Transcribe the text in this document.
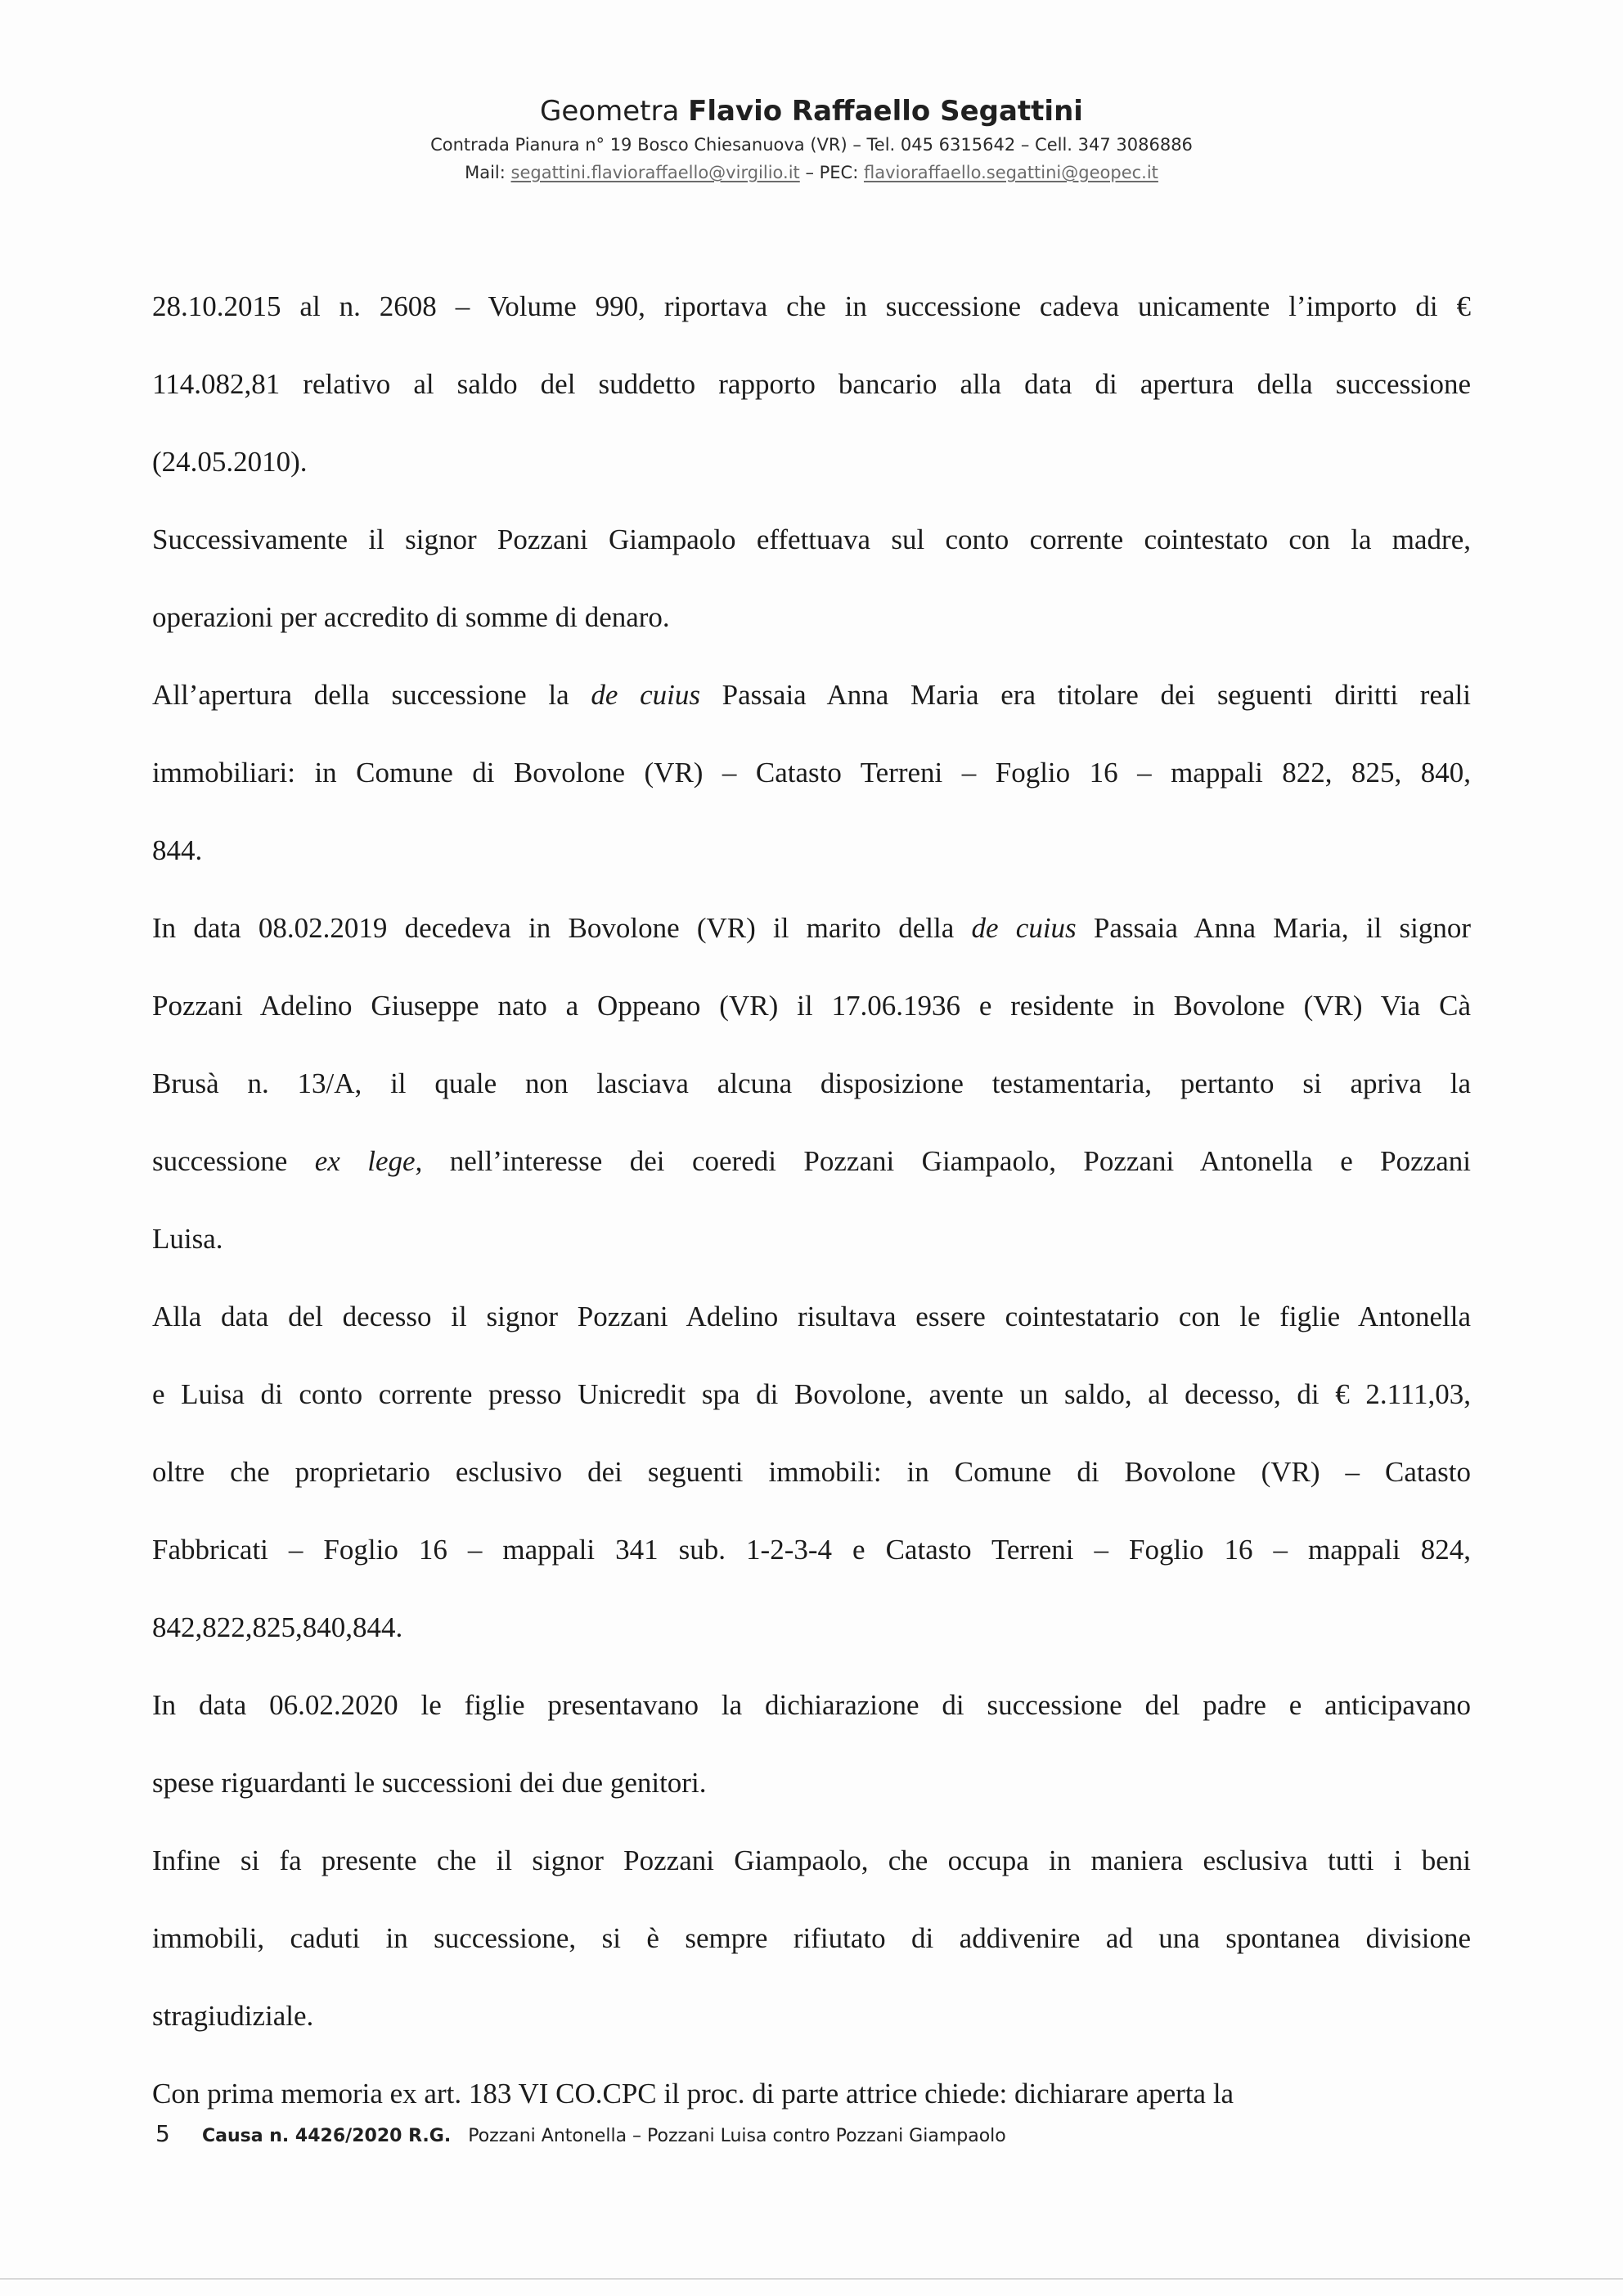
Geometra Flavio Raffaello Segattini
Contrada Pianura n° 19 Bosco Chiesanuova (VR) – Tel. 045 6315642 – Cell. 347 3086886
Mail: segattini.flavioraffaello@virgilio.it – PEC: flavioraffaello.segattini@geopec.it
28.10.2015 al n. 2608 – Volume 990, riportava che in successione cadeva unicamente l’importo di €
114.082,81 relativo al saldo del suddetto rapporto bancario alla data di apertura della successione
(24.05.2010).
Successivamente il signor Pozzani Giampaolo effettuava sul conto corrente cointestato con la madre,
operazioni per accredito di somme di denaro.
All’apertura della successione la de cuius Passaia Anna Maria era titolare dei seguenti diritti reali
immobiliari: in Comune di Bovolone (VR) – Catasto Terreni – Foglio 16 – mappali 822, 825, 840,
844.
In data 08.02.2019 decedeva in Bovolone (VR) il marito della de cuius Passaia Anna Maria, il signor
Pozzani Adelino Giuseppe nato a Oppeano (VR) il 17.06.1936 e residente in Bovolone (VR) Via Cà
Brusà n. 13/A, il quale non lasciava alcuna disposizione testamentaria, pertanto si apriva la
successione ex lege, nell’interesse dei coeredi Pozzani Giampaolo, Pozzani Antonella e Pozzani
Luisa.
Alla data del decesso il signor Pozzani Adelino risultava essere cointestatario con le figlie Antonella
e Luisa di conto corrente presso Unicredit spa di Bovolone, avente un saldo, al decesso, di € 2.111,03,
oltre che proprietario esclusivo dei seguenti immobili: in Comune di Bovolone (VR) – Catasto
Fabbricati – Foglio 16 – mappali 341 sub. 1-2-3-4 e Catasto Terreni – Foglio 16 – mappali 824,
842,822,825,840,844.
In data 06.02.2020 le figlie presentavano la dichiarazione di successione del padre e anticipavano
spese riguardanti le successioni dei due genitori.
Infine si fa presente che il signor Pozzani Giampaolo, che occupa in maniera esclusiva tutti i beni
immobili, caduti in successione, si è sempre rifiutato di addivenire ad una spontanea divisione
stragiudiziale.
Con prima memoria ex art. 183 VI CO.CPC il proc. di parte attrice chiede: dichiarare aperta la
5 Causa n. 4426/2020 R.G. Pozzani Antonella – Pozzani Luisa contro Pozzani Giampaolo
